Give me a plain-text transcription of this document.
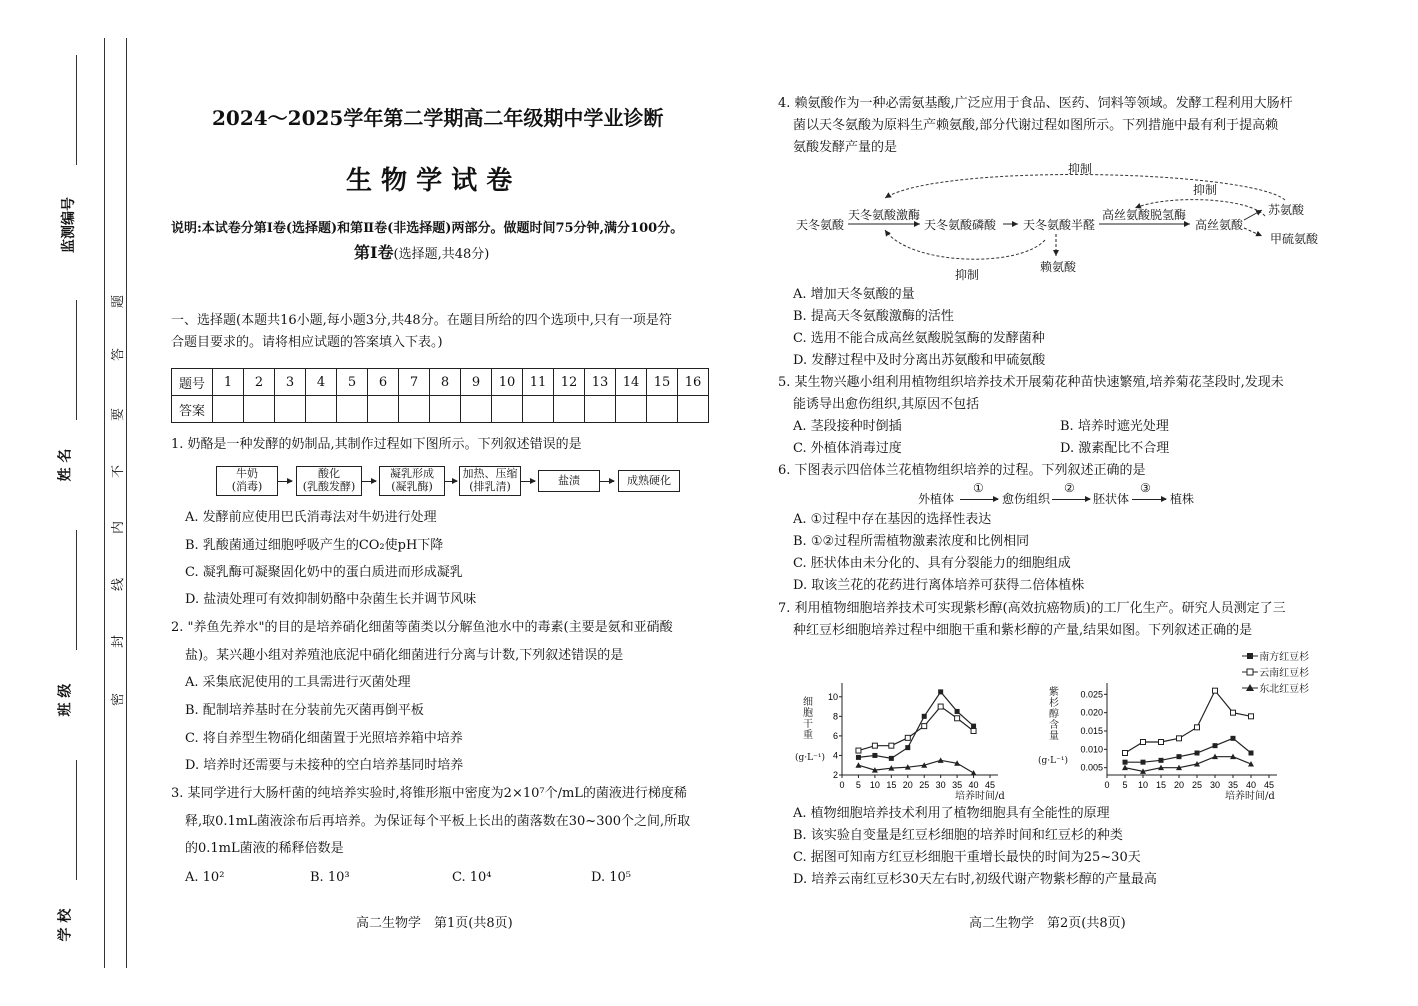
监测编号
姓 名
班 级
学 校
题
答
要
不
内
线
封
密
2024～2025学年第二学期高二年级期中学业诊断
生 物 学 试 卷
说明:本试卷分第Ⅰ卷(选择题)和第Ⅱ卷(非选择题)两部分。做题时间75分钟,满分100分。
第Ⅰ卷(选择题,共48分)
一、选择题(本题共16小题,每小题3分,共48分。在题目所给的四个选项中,只有一项是符
合题目要求的。请将相应试题的答案填入下表。)
题号	1	2	3	4	5	6	7	8	9	10	11	12	13	14	15	16
答案																
1. 奶酪是一种发酵的奶制品,其制作过程如下图所示。下列叙述错误的是
牛奶
(消毒)
酸化
(乳酸发酵)
凝乳形成
(凝乳酶)
加热、压缩
(排乳清)	盐渍	成熟硬化
A. 发酵前应使用巴氏消毒法对牛奶进行处理
B. 乳酸菌通过细胞呼吸产生的CO₂使pH下降
C. 凝乳酶可凝聚固化奶中的蛋白质进而形成凝乳
D. 盐渍处理可有效抑制奶酪中杂菌生长并调节风味
2. "养鱼先养水"的目的是培养硝化细菌等菌类以分解鱼池水中的毒素(主要是氨和亚硝酸
盐)。某兴趣小组对养殖池底泥中硝化细菌进行分离与计数,下列叙述错误的是
A. 采集底泥使用的工具需进行灭菌处理
B. 配制培养基时在分装前先灭菌再倒平板
C. 将自养型生物硝化细菌置于光照培养箱中培养
D. 培养时还需要与未接种的空白培养基同时培养
3. 某同学进行大肠杆菌的纯培养实验时,将锥形瓶中密度为2×10⁷个/mL的菌液进行梯度稀
释,取0.1mL菌液涂布后再培养。为保证每个平板上长出的菌落数在30~300个之间,所取
的0.1mL菌液的稀释倍数是
A. 10²	B. 10³	C. 10⁴	D. 10⁵
高二生物学　第1页(共8页)
4. 赖氨酸作为一种必需氨基酸,广泛应用于食品、医药、饲料等领域。发酵工程利用大肠杆
菌以天冬氨酸为原料生产赖氨酸,部分代谢过程如图所示。下列措施中最有利于提高赖
氨酸发酵产量的是
抑制
抑制
抑制
天冬氨酸
天冬氨酸激酶
天冬氨酸磷酸 天冬氨酸半醛
高丝氨酸脱氢酶
高丝氨酸
苏氨酸
甲硫氨酸
赖氨酸
A. 增加天冬氨酸的量
B. 提高天冬氨酸激酶的活性
C. 选用不能合成高丝氨酸脱氢酶的发酵菌种
D. 发酵过程中及时分离出苏氨酸和甲硫氨酸
5. 某生物兴趣小组利用植物组织培养技术开展菊花种苗快速繁殖,培养菊花茎段时,发现未
能诱导出愈伤组织,其原因不包括
A. 茎段接种时倒插	B. 培养时遮光处理
C. 外植体消毒过度	D. 激素配比不合理
6. 下图表示四倍体兰花植物组织培养的过程。下列叙述正确的是
外植体
①
愈伤组织
②
胚状体
③
植株
A. ①过程中存在基因的选择性表达
B. ①②过程所需植物激素浓度和比例相同
C. 胚状体由未分化的、具有分裂能力的细胞组成
D. 取该兰花的花药进行离体培养可获得二倍体植株
7. 利用植物细胞培养技术可实现紫杉醇(高效抗癌物质)的工厂化生产。研究人员测定了三
种红豆杉细胞培养过程中细胞干重和紫杉醇的产量,结果如图。下列叙述正确的是
南方红豆杉
云南红豆杉
东北红豆杉
细
胞
干
重
(g·L⁻¹)
0 5 10 15 20 25 30 35 40 45
2
4
6
8
10
培养时间/d
紫
杉
醇
含
量
(g·L⁻¹)
0 5 10 15 20 25 30 35 40 45
0.005
0.010
0.015
0.020
0.025
培养时间/d
A. 植物细胞培养技术利用了植物细胞具有全能性的原理
B. 该实验自变量是红豆杉细胞的培养时间和红豆杉的种类
C. 据图可知南方红豆杉细胞干重增长最快的时间为25~30天
D. 培养云南红豆杉30天左右时,初级代谢产物紫杉醇的产量最高
高二生物学　第2页(共8页)
